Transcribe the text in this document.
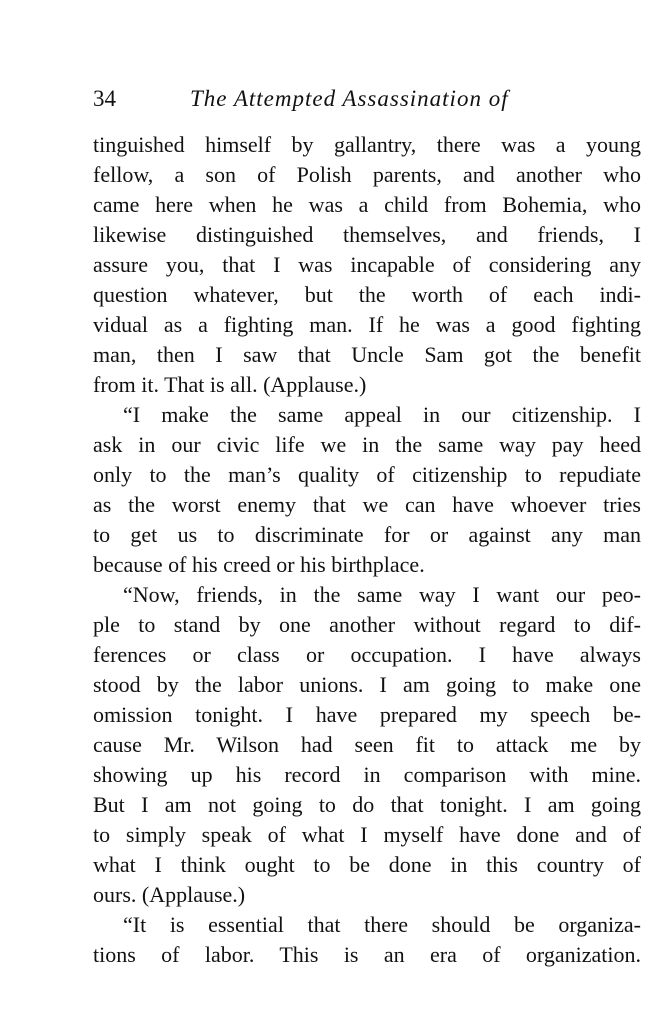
34	The Attempted Assassination of
tinguished himself by gallantry, there was a young
fellow, a son of Polish parents, and another who
came here when he was a child from Bohemia, who
likewise distinguished themselves, and friends, I
assure you, that I was incapable of considering any
question whatever, but the worth of each indi-
vidual as a fighting man. If he was a good fighting
man, then I saw that Uncle Sam got the benefit
from it. That is all. (Applause.)
“I make the same appeal in our citizenship. I
ask in our civic life we in the same way pay heed
only to the man’s quality of citizenship to repudiate
as the worst enemy that we can have whoever tries
to get us to discriminate for or against any man
because of his creed or his birthplace.
“Now, friends, in the same way I want our peo-
ple to stand by one another without regard to dif-
ferences or class or occupation. I have always
stood by the labor unions. I am going to make one
omission tonight. I have prepared my speech be-
cause Mr. Wilson had seen fit to attack me by
showing up his record in comparison with mine.
But I am not going to do that tonight. I am going
to simply speak of what I myself have done and of
what I think ought to be done in this country of
ours. (Applause.)
“It is essential that there should be organiza-
tions of labor. This is an era of organization.
